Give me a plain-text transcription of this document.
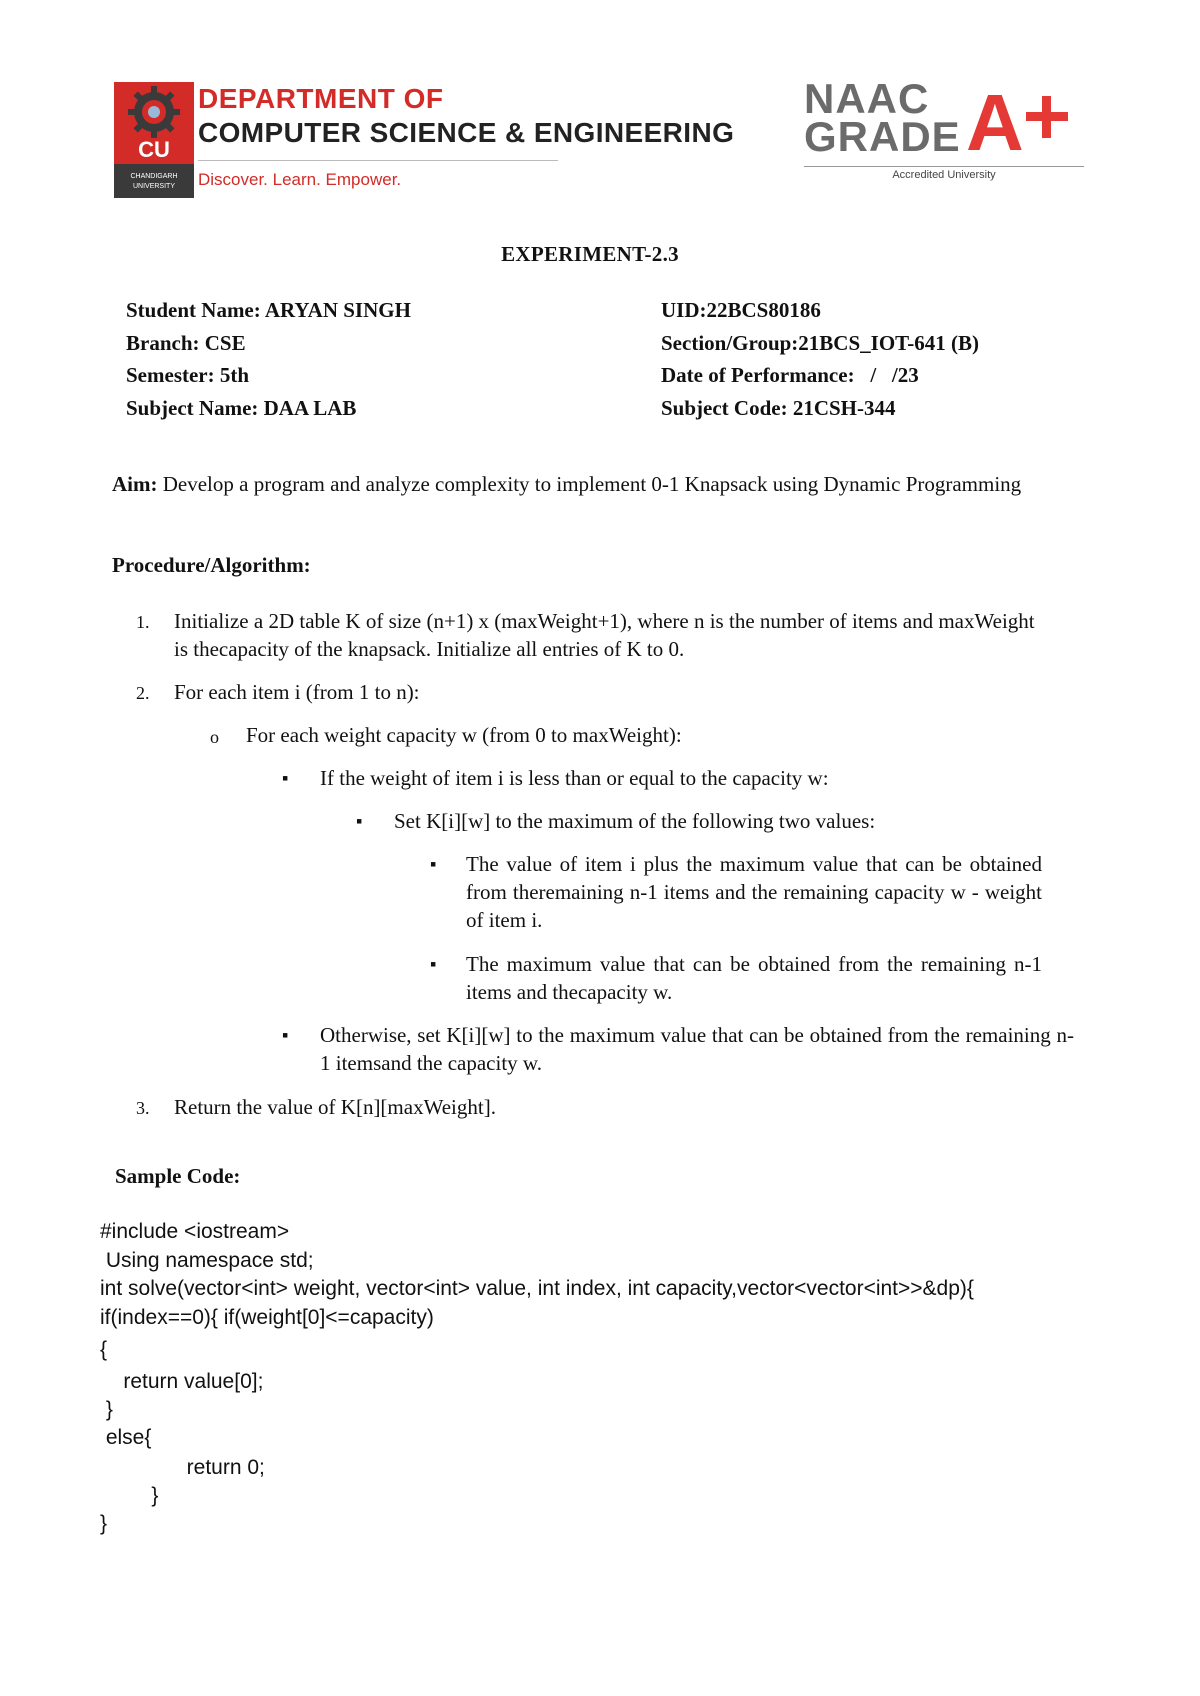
CU
CHANDIGARH
UNIVERSITY
DEPARTMENT OF
COMPUTER SCIENCE & ENGINEERING
Discover. Learn. Empower.
NAAC
GRADE A
Accredited University
EXPERIMENT-2.3
Student Name: ARYAN SINGH
Branch: CSE
Semester: 5th
Subject Name: DAA LAB
UID:22BCS80186
Section/Group:21BCS_IOT-641 (B)
Date of Performance:   /   /23
Subject Code: 21CSH-344
Aim: Develop a program and analyze complexity to implement 0-1 Knapsack using Dynamic Programming
Procedure/Algorithm:
1. Initialize a 2D table K of size (n+1) x (maxWeight+1), where n is the number of items and maxWeight is thecapacity of the knapsack. Initialize all entries of K to 0.
2. For each item i (from 1 to n):
o For each weight capacity w (from 0 to maxWeight):
▪ If the weight of item i is less than or equal to the capacity w:
▪ Set K[i][w] to the maximum of the following two values:
▪ The value of item i plus the maximum value that can be obtained from theremaining n-1 items and the remaining capacity w - weight of item i.
▪ The maximum value that can be obtained from the remaining n-1 items and thecapacity w.
▪ Otherwise, set K[i][w] to the maximum value that can be obtained from the remaining n-1 itemsand the capacity w.
3. Return the value of K[n][maxWeight].
Sample Code:
#include <iostream>
Using namespace std;
int solve(vector<int> weight, vector<int> value, int index, int capacity,vector<vector<int>>&dp){
if(index==0){ if(weight[0]<=capacity)
{
return value[0];
}
else{
return 0;
}
}
